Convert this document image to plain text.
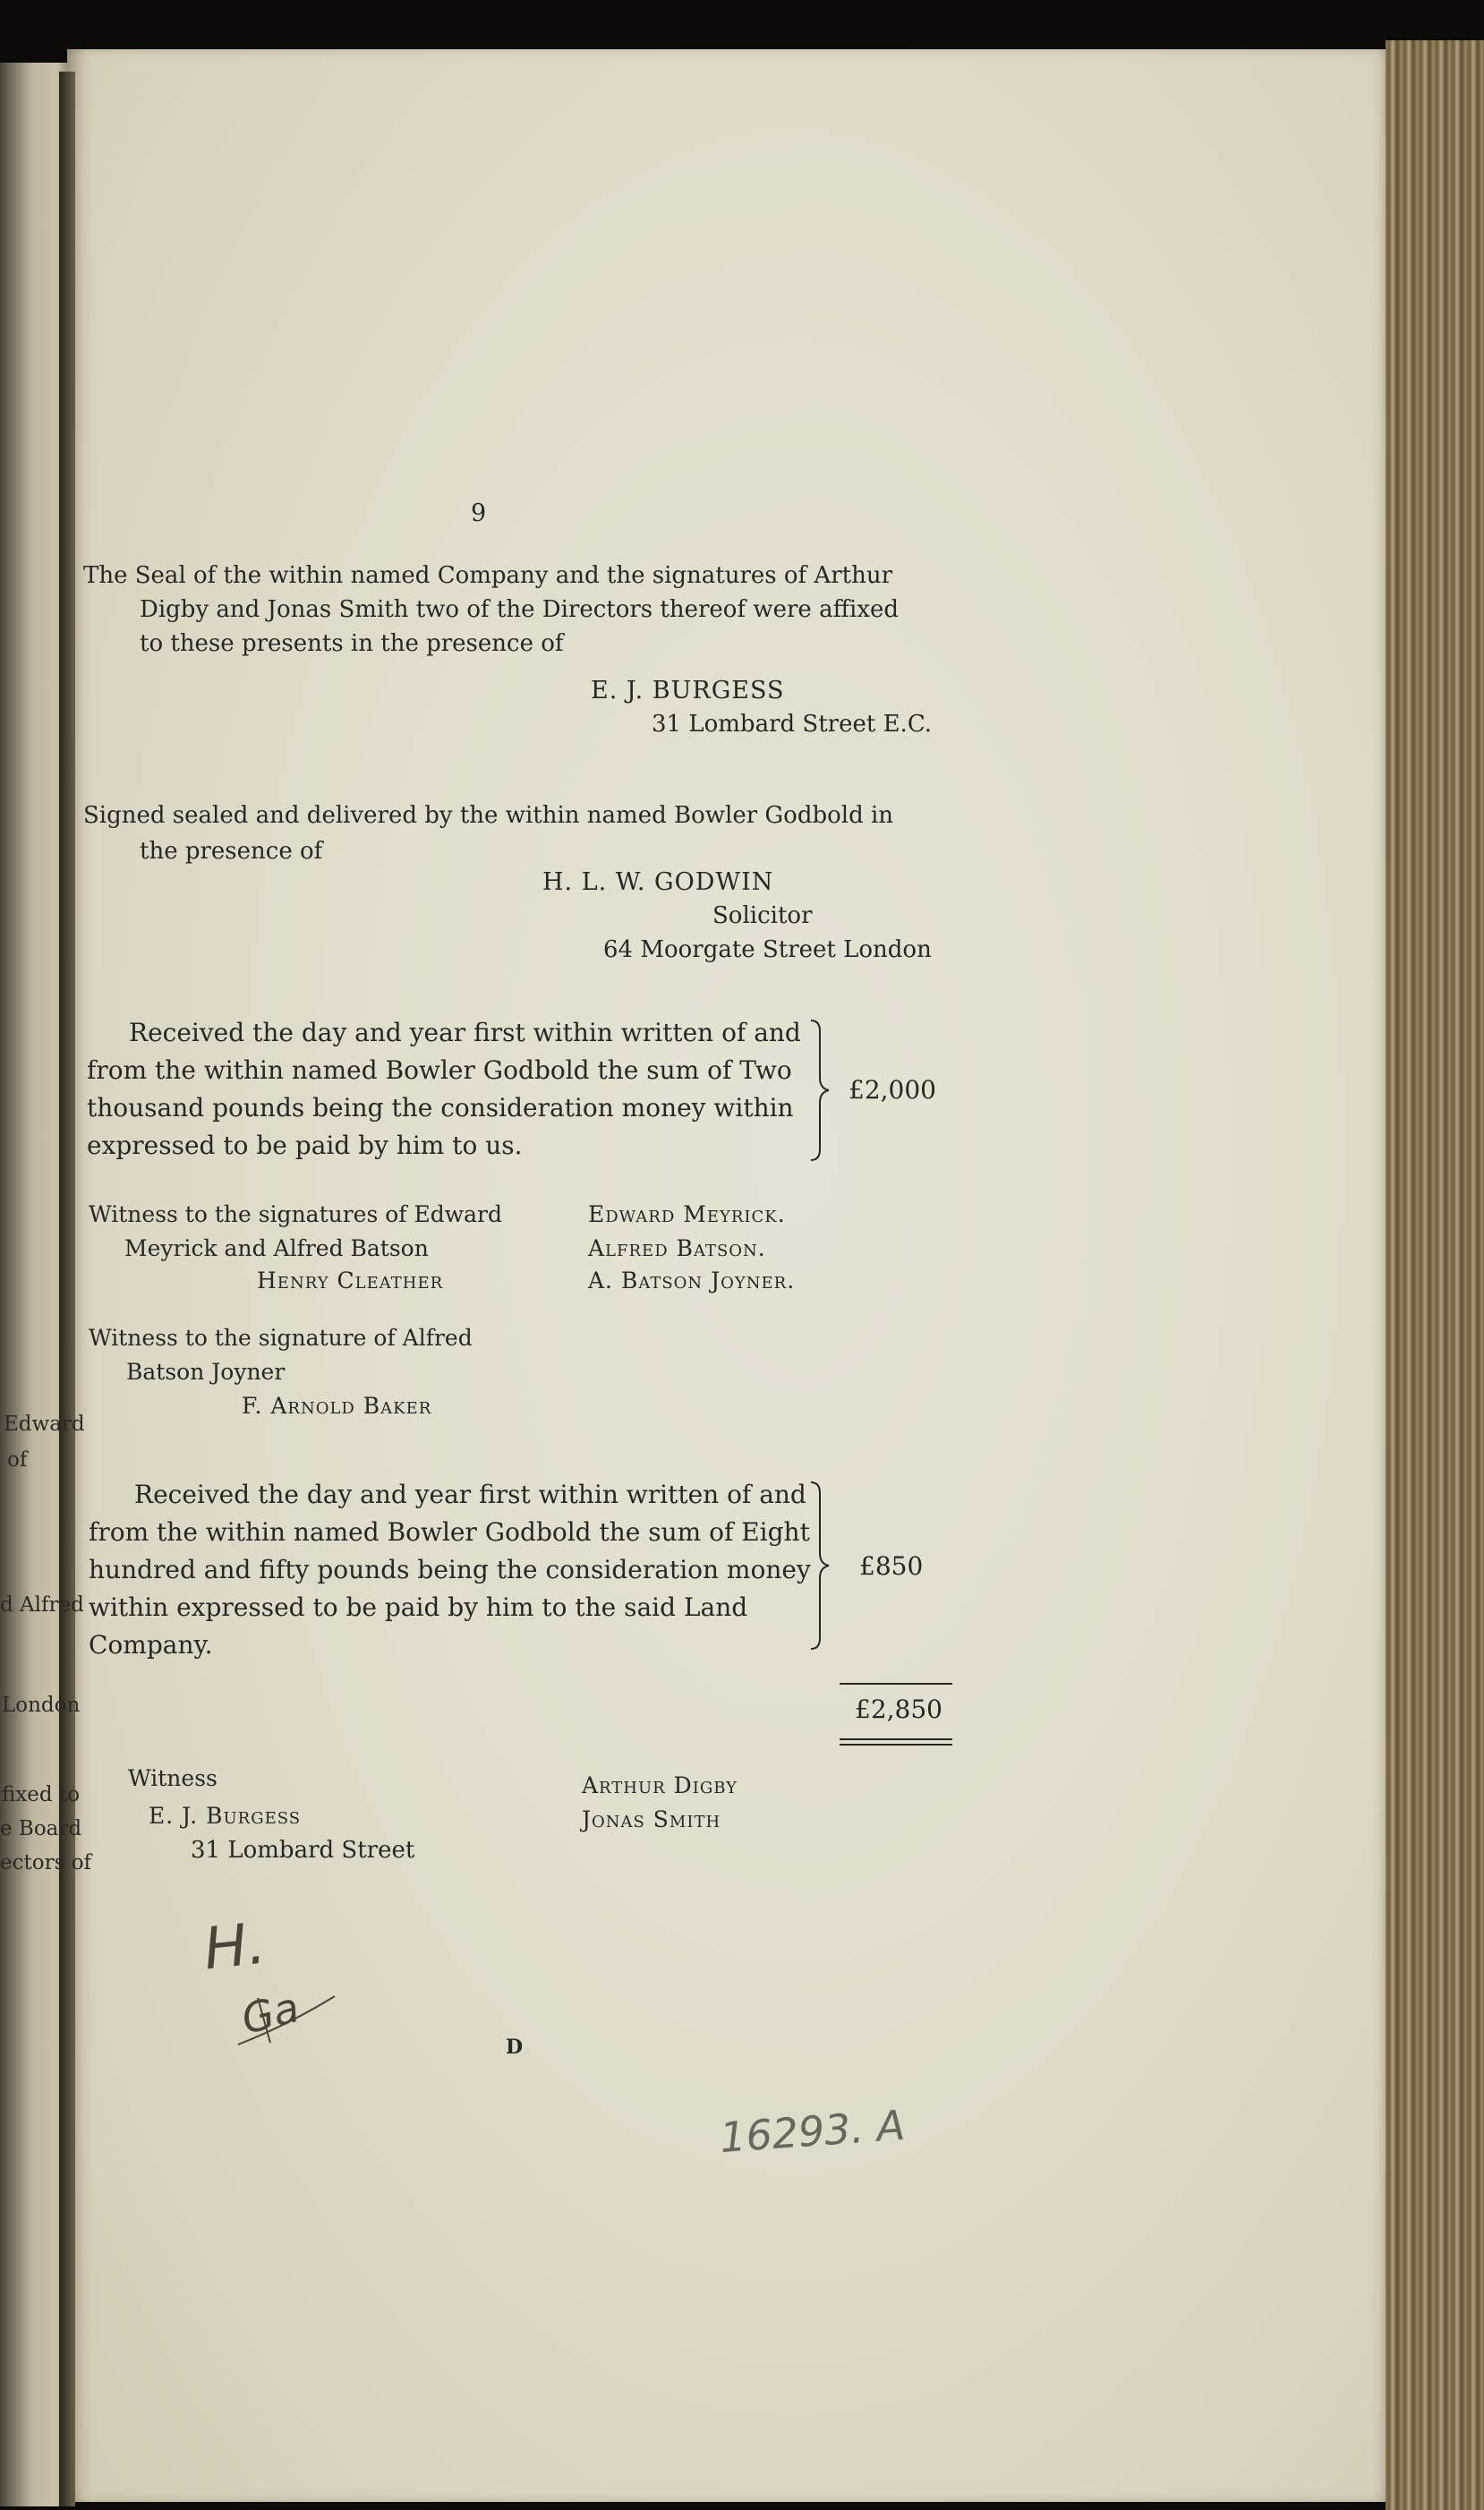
Edward
of
d Alfred
London
fixed to
e Board
ectors of
9
The Seal of the within named Company and the signatures of Arthur
Digby and Jonas Smith two of the Directors thereof were affixed
to these presents in the presence of
E. J. BURGESS
31 Lombard Street E.C.
Signed sealed and delivered by the within named Bowler Godbold in
the presence of
H. L. W. GODWIN
Solicitor
64 Moorgate Street London
Received the day and year first within written of and
from the within named Bowler Godbold the sum of Two
thousand pounds being the consideration money within
expressed to be paid by him to us.
£2,000
Witness to the signatures of Edward
Meyrick and Alfred Batson
Henry Cleather
Edward Meyrick.
Alfred Batson.
A. Batson Joyner.
Witness to the signature of Alfred
Batson Joyner
F. Arnold Baker
Received the day and year first within written of and
from the within named Bowler Godbold the sum of Eight
hundred and fifty pounds being the consideration money
within expressed to be paid by him to the said Land
Company.
£850
£2,850
Witness
E. J. Burgess
31 Lombard Street
Arthur Digby
Jonas Smith
D
H.
Ga
16293. A
